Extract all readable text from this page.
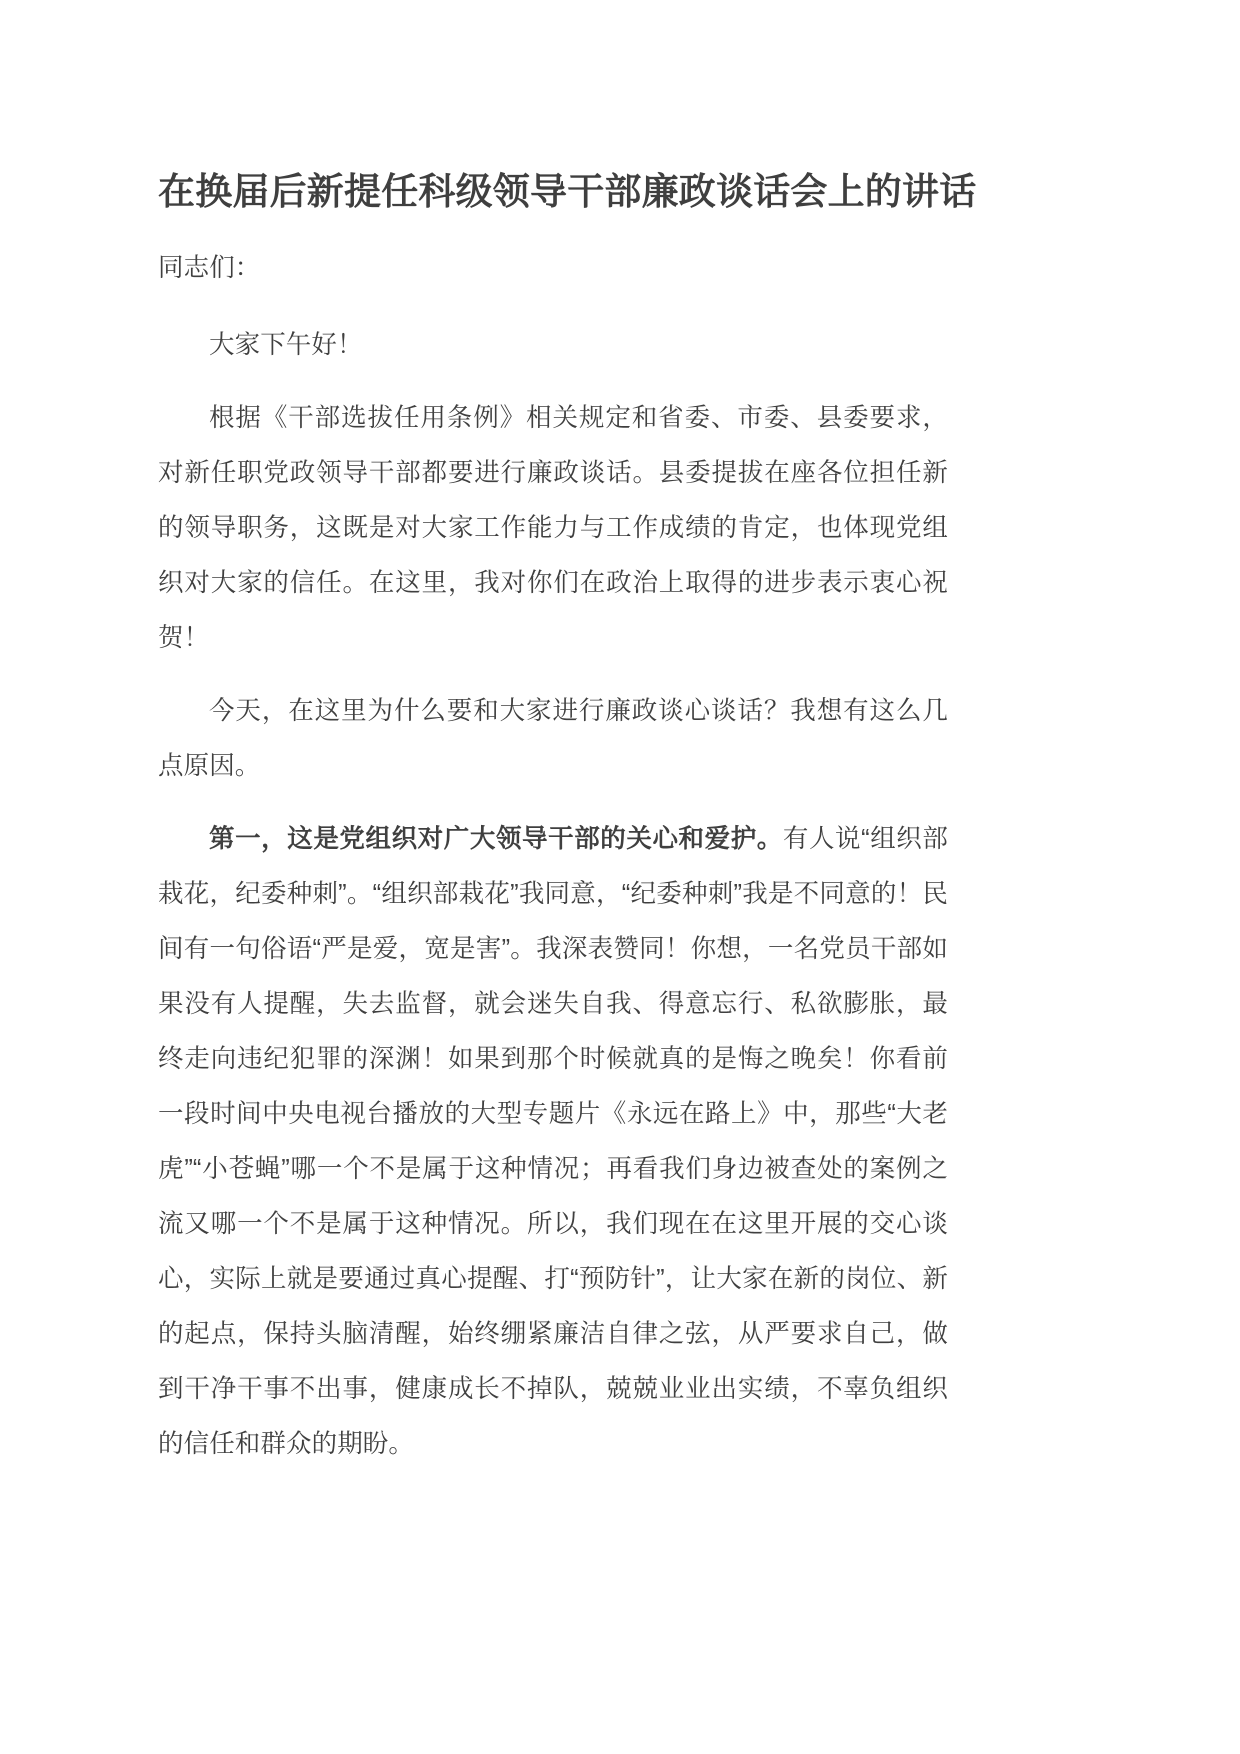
在换届后新提任科级领导干部廉政谈话会上的讲话

同志们：

大家下午好！

根据《干部选拔任用条例》相关规定和省委、市委、县委要求，对新任职党政领导干部都要进行廉政谈话。县委提拔在座各位担任新的领导职务，这既是对大家工作能力与工作成绩的肯定，也体现党组织对大家的信任。在这里，我对你们在政治上取得的进步表示衷心祝贺！

今天，在这里为什么要和大家进行廉政谈心谈话？我想有这么几点原因。

第一，这是党组织对广大领导干部的关心和爱护。有人说“组织部栽花，纪委种刺”。“组织部栽花”我同意，“纪委种刺”我是不同意的！民间有一句俗语“严是爱，宽是害”。我深表赞同！你想，一名党员干部如果没有人提醒，失去监督，就会迷失自我、得意忘行、私欲膨胀，最终走向违纪犯罪的深渊！如果到那个时候就真的是悔之晚矣！你看前一段时间中央电视台播放的大型专题片《永远在路上》中，那些“大老虎”“小苍蝇”哪一个不是属于这种情况；再看我们身边被查处的案例之流又哪一个不是属于这种情况。所以，我们现在在这里开展的交心谈心，实际上就是要通过真心提醒、打“预防针”，让大家在新的岗位、新的起点，保持头脑清醒，始终绷紧廉洁自律之弦，从严要求自己，做到干净干事不出事，健康成长不掉队，兢兢业业出实绩，不辜负组织的信任和群众的期盼。
